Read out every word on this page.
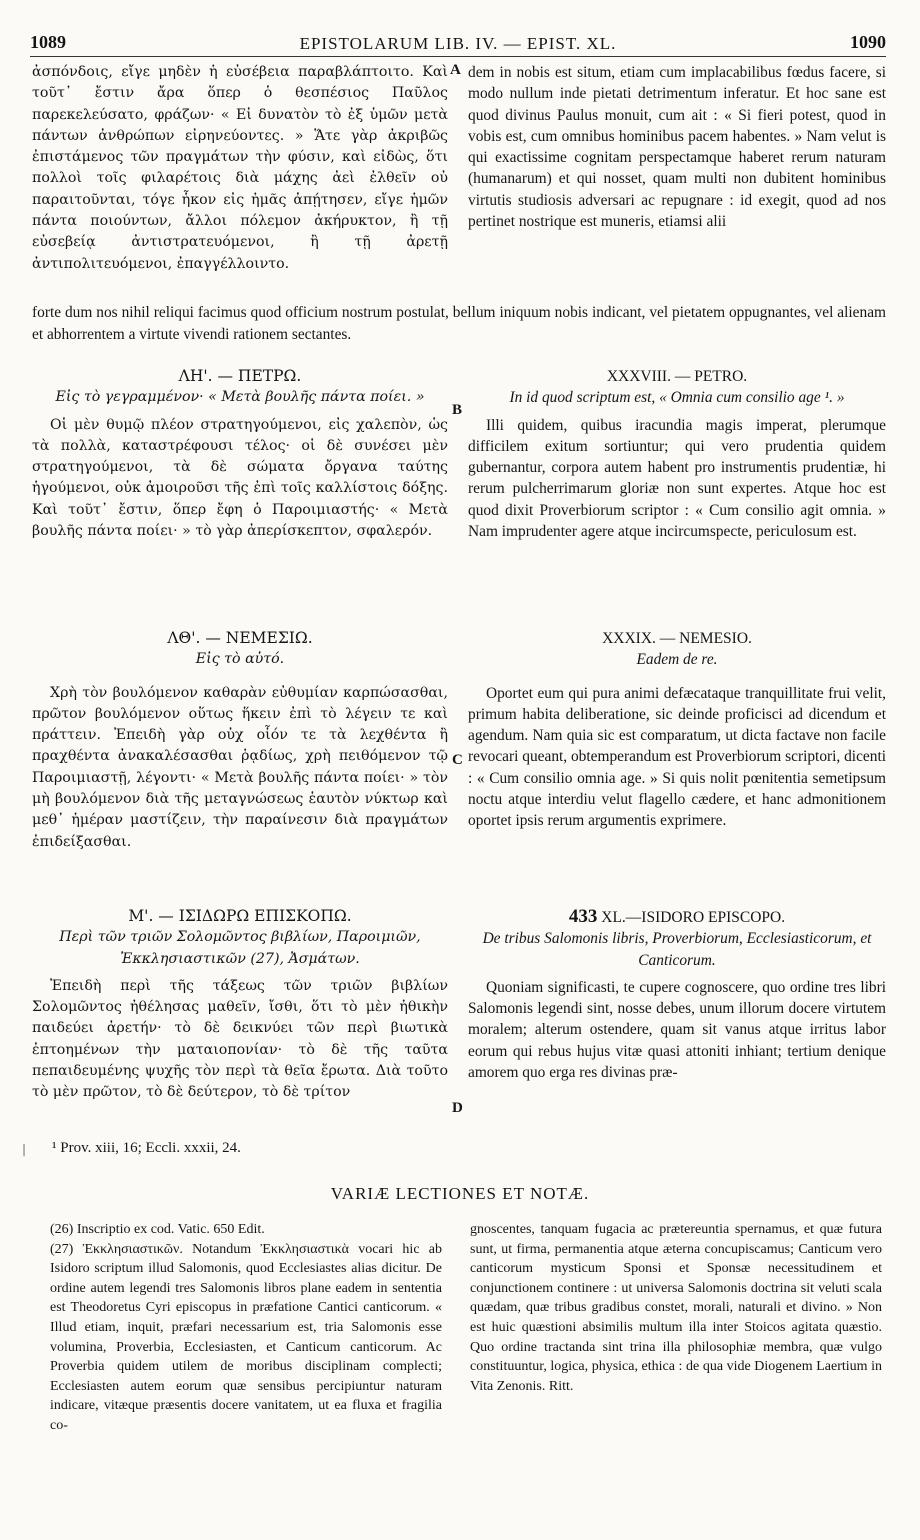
1089	EPISTOLARUM LIB. IV. — EPIST. XL.	1090

ἀσπόνδοις, εἴγε μηδὲν ἡ εὐσέβεια παραβλάπτοιτο. Καὶ τοῦτ᾽ ἔστιν ἄρα ὅπερ ὁ θεσπέσιος Παῦλος παρεκελεύσατο, φράζων· « Εἰ δυνατὸν τὸ ἐξ ὑμῶν μετὰ πάντων ἀνθρώπων εἰρηνεύοντες. » Ἅτε γὰρ ἀκριβῶς ἐπιστάμενος τῶν πραγμάτων τὴν φύσιν, καὶ εἰδὼς, ὅτι πολλοὶ τοῖς φιλαρέτοις διὰ μάχης ἀεὶ ἐλθεῖν οὐ παραιτοῦνται, τόγε ἧκον εἰς ἡμᾶς ἀπῄτησεν, εἴγε ἡμῶν πάντα ποιούντων, ἄλλοι πόλεμον ἀκήρυκτον, ἢ τῇ εὐσεβείᾳ ἀντιστρατευόμενοι, ἢ τῇ ἀρετῇ ἀντιπολιτευόμενοι, ἐπαγγέλλοιντο.

A dem in nobis est situm, etiam cum implacabilibus fœdus facere, si modo nullum inde pietati detrimentum inferatur. Et hoc sane est quod divinus Paulus monuit, cum ait : « Si fieri potest, quod in vobis est, cum omnibus hominibus pacem habentes. » Nam velut is qui exactissime cognitam perspectamque haberet rerum naturam (humanarum) et qui nosset, quam multi non dubitent hominibus virtutis studiosis adversari ac repugnare : id exegit, quod ad nos pertinet nostrique est muneris, etiamsi alii

forte dum nos nihil reliqui facimus quod officium nostrum postulat, bellum iniquum nobis indicant, vel pietatem oppugnantes, vel alienam et abhorrentem a virtute vivendi rationem sectantes.

ΛΗ'. — ΠΕΤΡΩ.

Εἰς τὸ γεγραμμένον· « Μετὰ βουλῆς πάντα ποίει. »

Οἱ μὲν θυμῷ πλέον στρατηγούμενοι, εἰς χαλεπὸν, ὡς τὰ πολλὰ, καταστρέφουσι τέλος· οἱ δὲ συνέσει μὲν στρατηγούμενοι, τὰ δὲ σώματα ὄργανα ταύτης ἡγούμενοι, οὐκ ἀμοιροῦσι τῆς ἐπὶ τοῖς καλλίστοις δόξης. Καὶ τοῦτ᾽ ἔστιν, ὅπερ ἔφη ὁ Παροιμιαστής· « Μετὰ βουλῆς πάντα ποίει· » τὸ γὰρ ἀπερίσκεπτον, σφαλερόν.

B

XXXVIII. — PETRO.

In id quod scriptum est, « Omnia cum consilio age ¹. »

Illi quidem, quibus iracundia magis imperat, plerumque difficilem exitum sortiuntur; qui vero prudentia quidem gubernantur, corpora autem habent pro instrumentis prudentiæ, hi rerum pulcherrimarum gloriæ non sunt expertes. Atque hoc est quod dixit Proverbiorum scriptor : « Cum consilio agit omnia. » Nam imprudenter agere atque incircumspecte, periculosum est.

ΛΘ'. — ΝΕΜΕΣΙΩ.

Εἰς τὸ αὐτό.

Χρὴ τὸν βουλόμενον καθαρὰν εὐθυμίαν καρπώσασθαι, πρῶτον βουλόμενον οὕτως ἥκειν ἐπὶ τὸ λέγειν τε καὶ πράττειν. Ἐπειδὴ γὰρ οὐχ οἷόν τε τὰ λεχθέντα ἢ πραχθέντα ἀνακαλέσασθαι ῥᾳδίως, χρὴ πειθόμενον τῷ Παροιμιαστῇ, λέγοντι· « Μετὰ βουλῆς πάντα ποίει· » τὸν μὴ βουλόμενον διὰ τῆς μεταγνώσεως ἑαυτὸν νύκτωρ καὶ μεθ᾽ ἡμέραν μαστίζειν, τὴν παραίνεσιν διὰ πραγμάτων ἐπιδείξασθαι.

C

XXXIX. — NEMESIO.

Eadem de re.

Oportet eum qui pura animi defæcataque tranquillitate frui velit, primum habita deliberatione, sic deinde proficisci ad dicendum et agendum. Nam quia sic est comparatum, ut dicta factave non facile revocari queant, obtemperandum est Proverbiorum scriptori, dicenti : « Cum consilio omnia age. » Si quis nolit pœnitentia semetipsum noctu atque interdiu velut flagello cædere, et hanc admonitionem oportet ipsis rerum argumentis exprimere.

Μ'. — ΙΣΙΔΩΡΩ ΕΠΙΣΚΟΠΩ.

Περὶ τῶν τριῶν Σολομῶντος βιβλίων, Παροιμιῶν, Ἐκκλησιαστικῶν (27), Ἀσμάτων.

Ἐπειδὴ περὶ τῆς τάξεως τῶν τριῶν βιβλίων Σολομῶντος ἠθέλησας μαθεῖν, ἴσθι, ὅτι τὸ μὲν ἠθικὴν παιδεύει ἀρετήν· τὸ δὲ δεικνύει τῶν περὶ βιωτικὰ ἐπτοημένων τὴν ματαιοπονίαν· τὸ δὲ τῆς ταῦτα πεπαιδευμένης ψυχῆς τὸν περὶ τὰ θεῖα ἔρωτα. Διὰ τοῦτο τὸ μὲν πρῶτον, τὸ δὲ δεύτερον, τὸ δὲ τρίτον

D

433 XL.—ISIDORO EPISCOPO.

De tribus Salomonis libris, Proverbiorum, Ecclesiasticorum, et Canticorum.

Quoniam significasti, te cupere cognoscere, quo ordine tres libri Salomonis legendi sint, nosse debes, unum illorum docere virtutem moralem; alterum ostendere, quam sit vanus atque irritus labor eorum qui rebus hujus vitæ quasi attoniti inhiant; tertium denique amorem quo erga res divinas præ-

| ¹ Prov. xiii, 16; Eccli. xxxii, 24.
VARIÆ LECTIONES ET NOTÆ.

(26) Inscriptio ex cod. Vatic. 650 Edit.

(27) Ἐκκλησιαστικῶν. Notandum Ἐκκλησιαστικὰ vocari hic ab Isidoro scriptum illud Salomonis, quod Ecclesiastes alias dicitur. De ordine autem legendi tres Salomonis libros plane eadem in sententia est Theodoretus Cyri episcopus in præfatione Cantici canticorum. « Illud etiam, inquit, præfari necessarium est, tria Salomonis esse volumina, Proverbia, Ecclesiasten, et Canticum canticorum. Ac Proverbia quidem utilem de moribus disciplinam complecti; Ecclesiasten autem eorum quæ sensibus percipiuntur naturam indicare, vitæque præsentis docere vanitatem, ut ea fluxa et fragilia co-

gnoscentes, tanquam fugacia ac prætereuntia spernamus, et quæ futura sunt, ut firma, permanentia atque æterna concupiscamus; Canticum vero canticorum mysticum Sponsi et Sponsæ necessitudinem et conjunctionem continere : ut universa Salomonis doctrina sit veluti scala quædam, quæ tribus gradibus constet, morali, naturali et divino. » Non est huic quæstioni absimilis multum illa inter Stoicos agitata quæstio. Quo ordine tractanda sint trina illa philosophiæ membra, quæ vulgo constituuntur, logica, physica, ethica : de qua vide Diogenem Laertium in Vita Zenonis. Ritt.
